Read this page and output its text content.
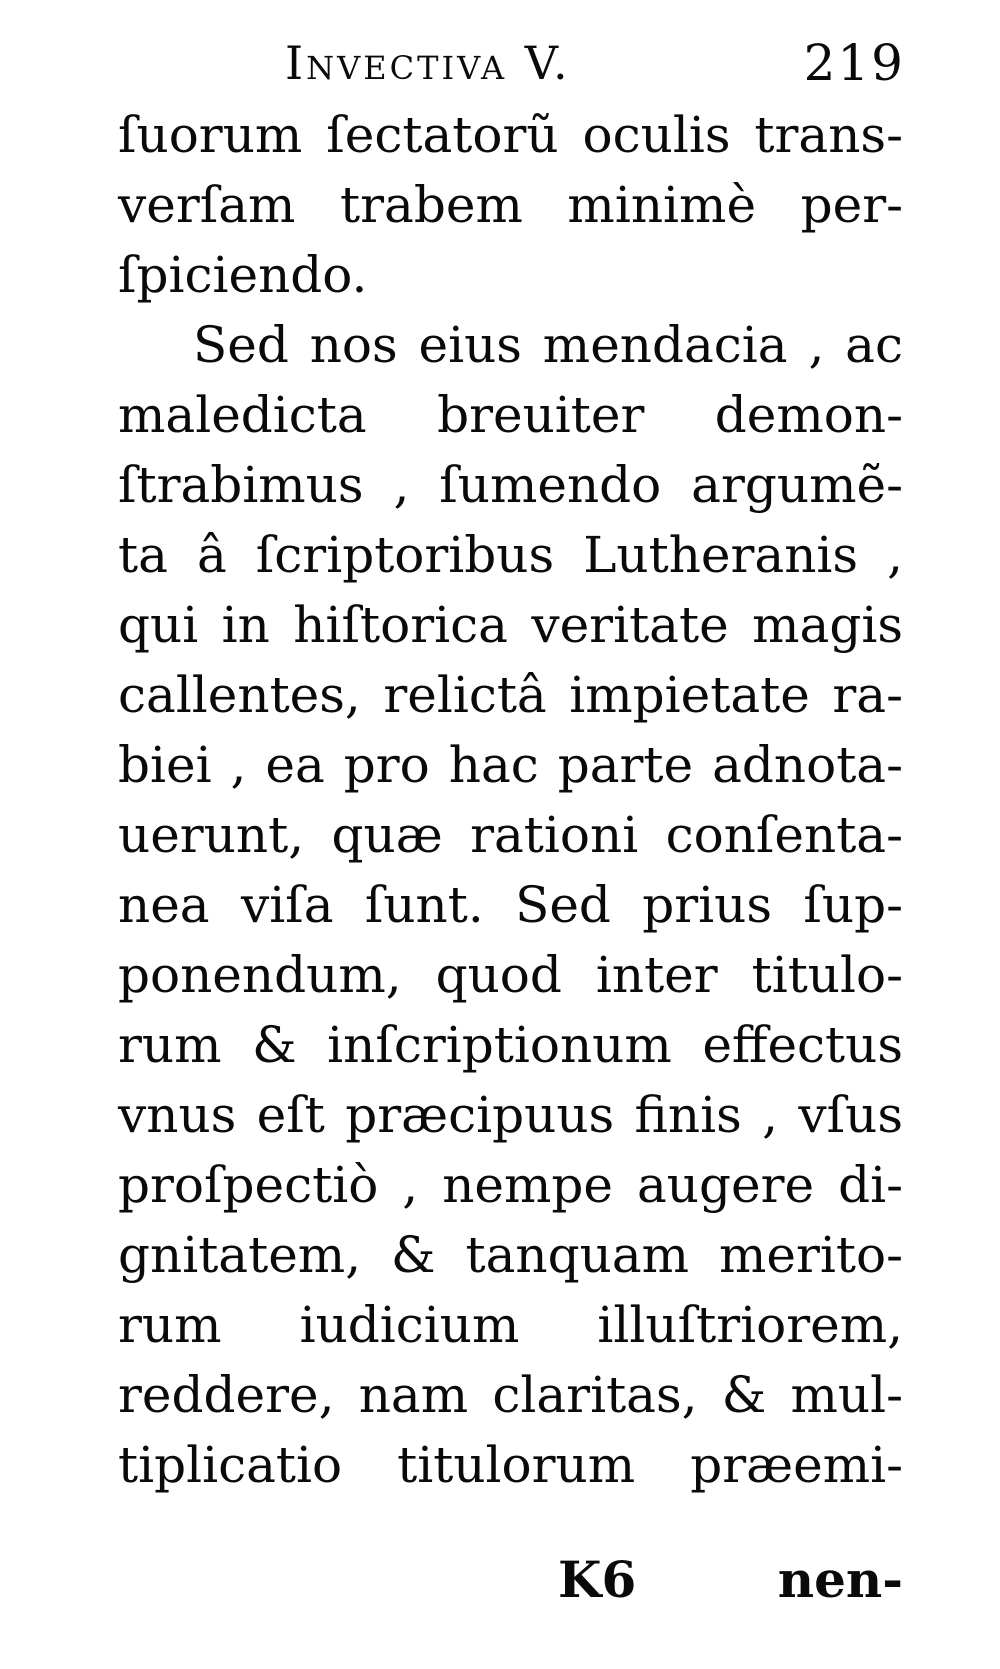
Invectiva V.	219
ſuorum ſectatorũ oculis trans-
verſam trabem minimè per-
ſpiciendo.
Sed nos eius mendacia , ac
maledicta breuiter demon-
ſtrabimus , ſumendo argumẽ-
ta â ſcriptoribus Lutheranis ,
qui in hiſtorica veritate magis
callentes, relictâ impietate ra-
biei , ea pro hac parte adnota-
uerunt, quæ rationi conſenta-
nea viſa ſunt. Sed prius ſup-
ponendum, quod inter titulo-
rum & inſcriptionum effectus
vnus eſt præcipuus finis , vſus
proſpectiò , nempe augere di-
gnitatem, & tanquam merito-
rum iudicium illuſtriorem,
reddere, nam claritas, & mul-
tiplicatio titulorum præemi-
K6	nen-
